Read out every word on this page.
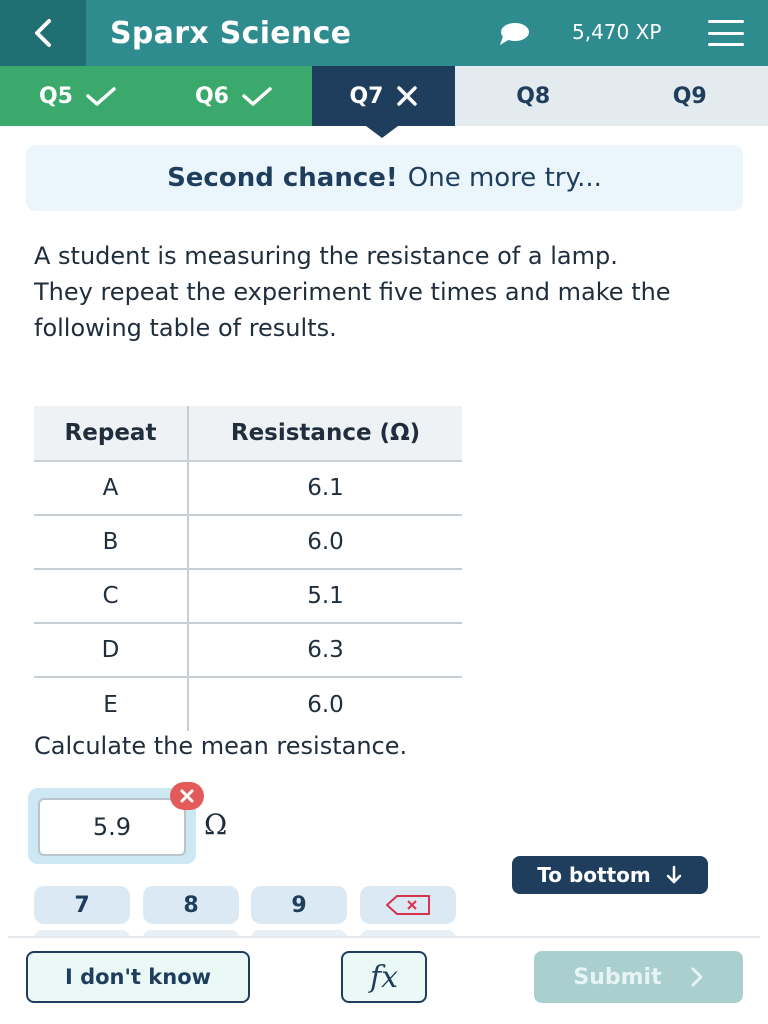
Sparx Science	5,470 XP
Q5	Q6	Q7	Q8	Q9
Second chance! One more try...
A student is measuring the resistance of a lamp.
They repeat the experiment five times and make the following table of results.
Repeat	Resistance (Ω)
A	6.1
B	6.0
C	5.1
D	6.3
E	6.0
Calculate the mean resistance.
5.9
Ω
To bottom
7	8	9
I don't know	fx	Submit
